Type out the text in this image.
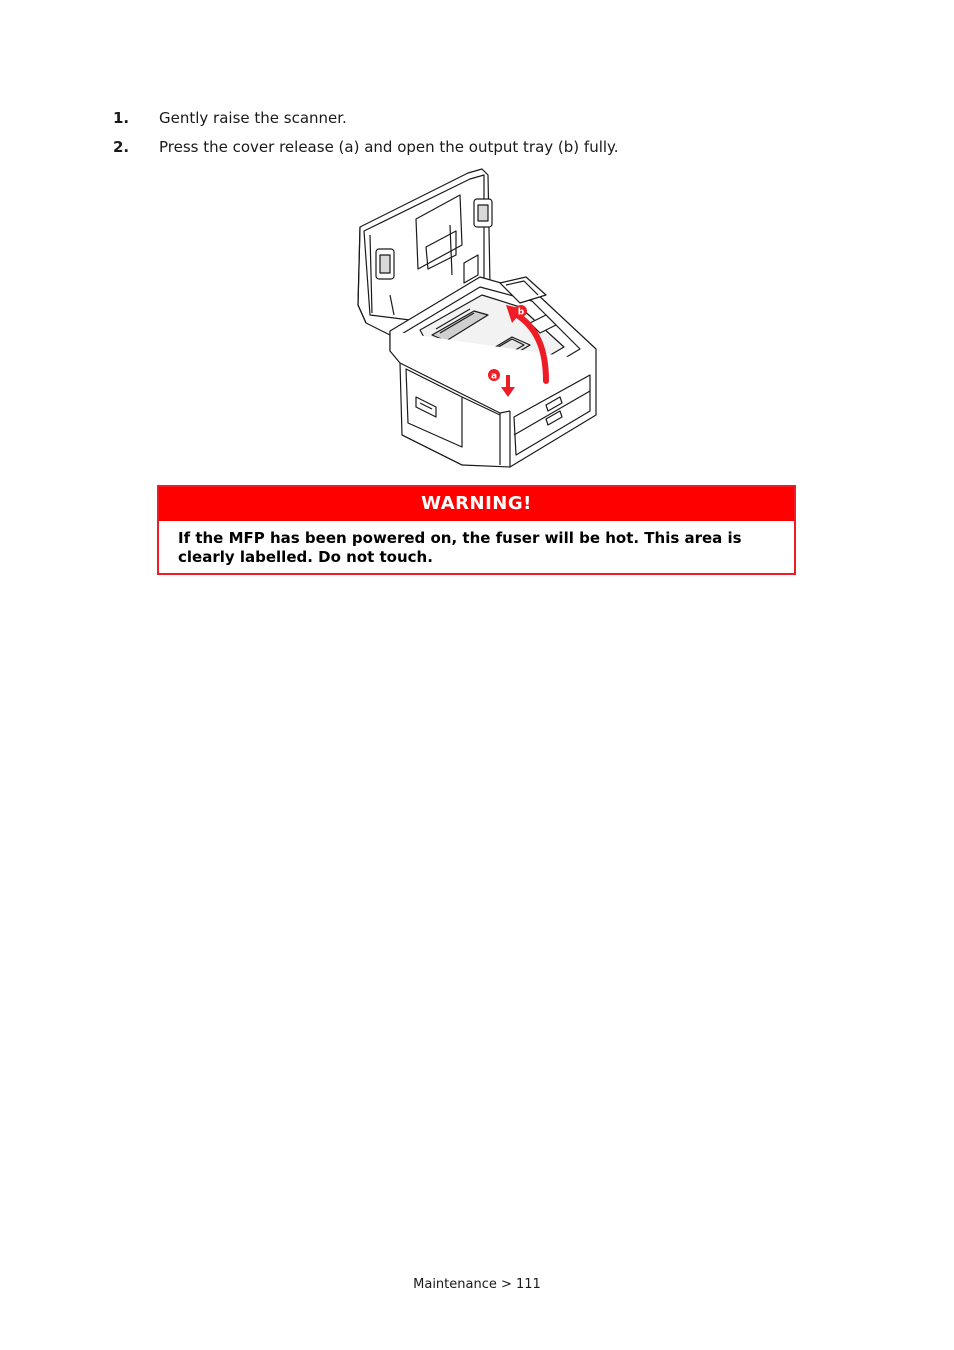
1. Gently raise the scanner.
2. Press the cover release (a) and open the output tray (b) fully.
a
b
WARNING!
If the MFP has been powered on, the fuser will be hot. This area is clearly labelled. Do not touch.
Maintenance > 111
